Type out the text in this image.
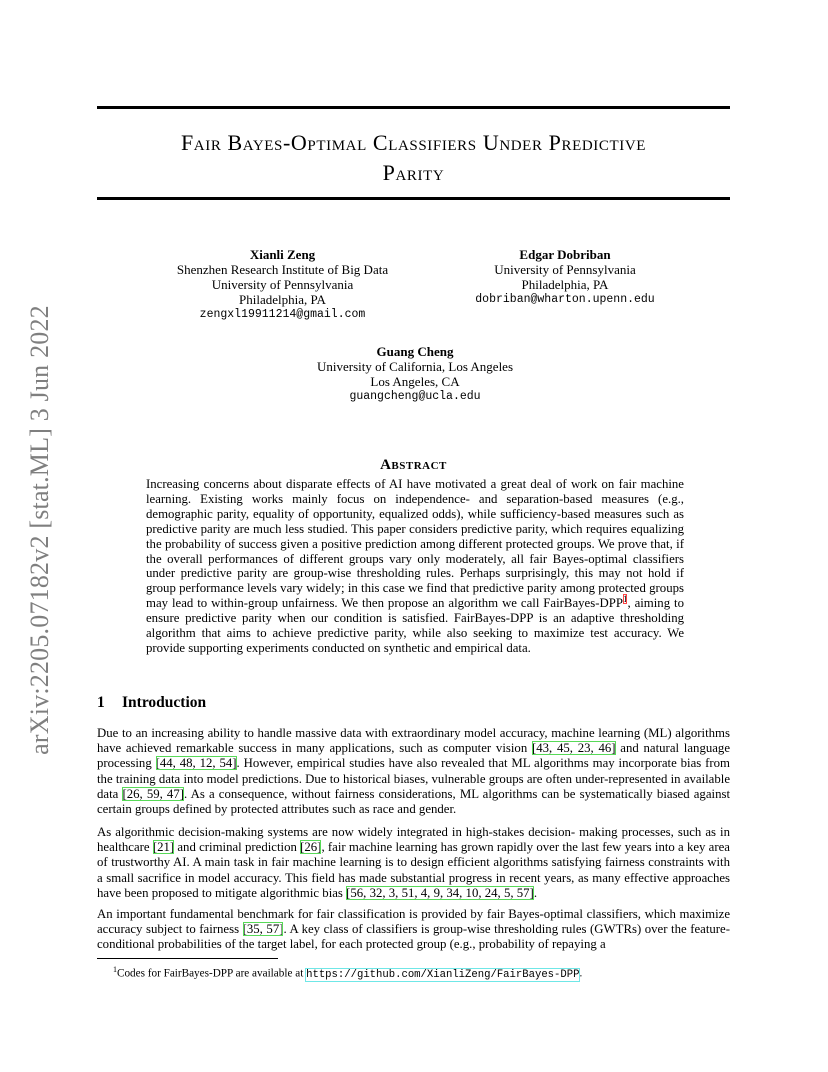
arXiv:2205.07182v2 [stat.ML] 3 Jun 2022
Fair Bayes-Optimal Classifiers Under Predictive
Parity
Xianli Zeng
Shenzhen Research Institute of Big Data
University of Pennsylvania
Philadelphia, PA
zengxl19911214@gmail.com
Edgar Dobriban
University of Pennsylvania
Philadelphia, PA
dobriban@wharton.upenn.edu
Guang Cheng
University of California, Los Angeles
Los Angeles, CA
guangcheng@ucla.edu
Abstract
Increasing concerns about disparate effects of AI have motivated a great deal of work on fair machine learning. Existing works mainly focus on independence- and separation-based measures (e.g., demographic parity, equality of opportunity, equalized odds), while sufficiency-based measures such as predictive parity are much less studied. This paper considers predictive parity, which requires equalizing the probability of success given a positive prediction among different protected groups. We prove that, if the overall performances of different groups vary only moderately, all fair Bayes-optimal classifiers under predictive parity are group-wise thresholding rules. Perhaps surprisingly, this may not hold if group performance levels vary widely; in this case we find that predictive parity among protected groups may lead to within-group unfairness. We then propose an algorithm we call FairBayes-DPP$^1$, aiming to ensure predictive parity when our condition is satisfied. FairBayes-DPP is an adaptive thresholding algorithm that aims to achieve predictive parity, while also seeking to maximize test accuracy. We provide supporting experiments conducted on synthetic and empirical data.
1 Introduction
Due to an increasing ability to handle massive data with extraordinary model accuracy, machine learning (ML) algorithms have achieved remarkable success in many applications, such as computer vision [43, 45, 23, 46] and natural language processing [44, 48, 12, 54]. However, empirical studies have also revealed that ML algorithms may incorporate bias from the training data into model predictions. Due to historical biases, vulnerable groups are often under-represented in available data [26, 59, 47]. As a consequence, without fairness considerations, ML algorithms can be systematically biased against certain groups defined by protected attributes such as race and gender.
As algorithmic decision-making systems are now widely integrated in high-stakes decision- making processes, such as in healthcare [21] and criminal prediction [26], fair machine learning has grown rapidly over the last few years into a key area of trustworthy AI. A main task in fair machine learning is to design efficient algorithms satisfying fairness constraints with a small sacrifice in model accuracy. This field has made substantial progress in recent years, as many effective approaches have been proposed to mitigate algorithmic bias [56, 32, 3, 51, 4, 9, 34, 10, 24, 5, 57].
An important fundamental benchmark for fair classification is provided by fair Bayes-optimal classifiers, which maximize accuracy subject to fairness [35, 57]. A key class of classifiers is group-wise thresholding rules (GWTRs) over the feature-conditional probabilities of the target label, for each protected group (e.g., probability of repaying a
$^1$Codes for FairBayes-DPP are available at https://github.com/XianliZeng/FairBayes-DPP.
